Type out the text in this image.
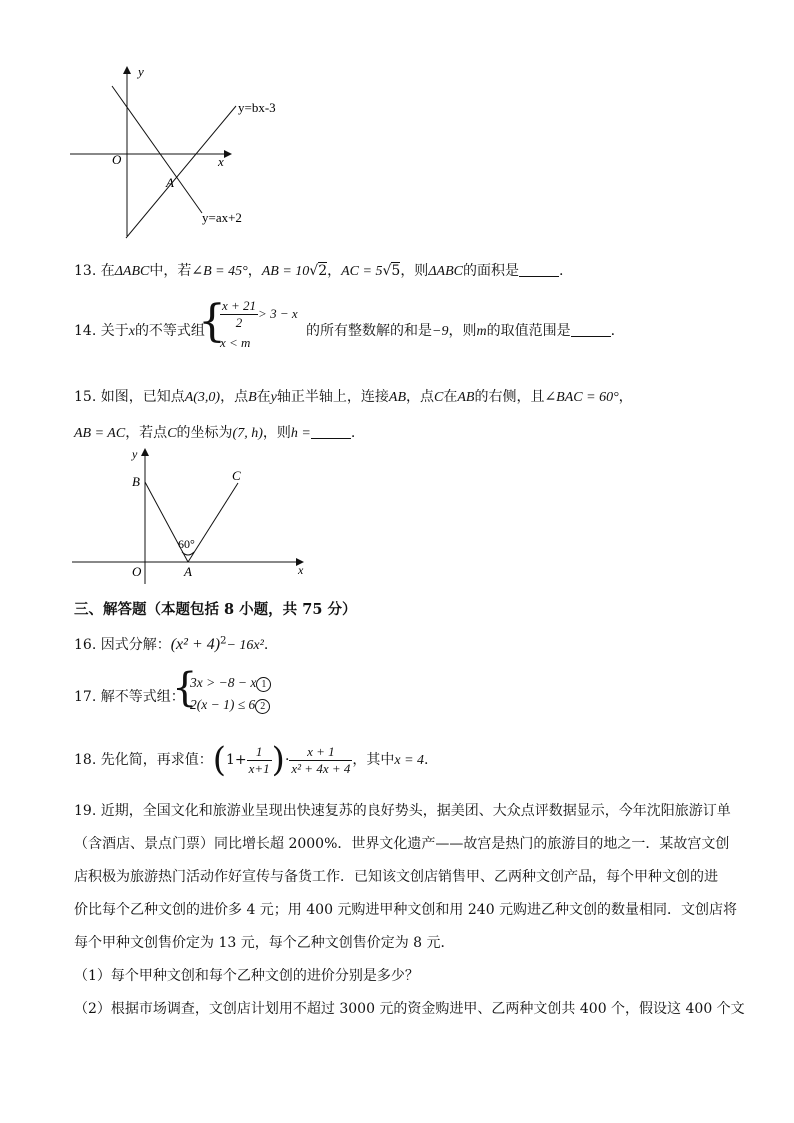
y
x
O
A
y=bx-3
y=ax+2
13. 在ΔABC中，若∠B = 45°，AB = 10√2，AC = 5√5，则ΔABC的面积是	.
14. 关于x的不等式组
{
$\frac{x + 21}{2} > 3 - x$
x < m
的所有整数解的和是−9，则m的取值范围是	.
15. 如图，已知点A(3,0)，点B在y轴正半轴上，连接AB，点C在AB的右侧，且∠BAC = 60°，
AB = AC，若点C的坐标为(7, h)，则h =	.
y
x
O	A
B	C
60°
三、解答题（本题包括 8 小题，共 75 分）
16. 因式分解：$(x^2 + 4)^2- 16x^2$.
17. 解不等式组：
{
3x > −8 − x 1
2(x − 1) ≤ 6 2
18. 先化简，再求值：($1+ \frac{1}{x+1}$ )· $\frac{x + 1}{\text{x² + 4x + 4}}$ ，其中x = 4.
19. 近期，全国文化和旅游业呈现出快速复苏的良好势头，据美团、大众点评数据显示，今年沈阳旅游订单
（含酒店、景点门票）同比增长超 2000%．世界文化遗产——故宫是热门的旅游目的地之一．某故宫文创
店积极为旅游热门活动作好宣传与备货工作．已知该文创店销售甲、乙两种文创产品，每个甲种文创的进
价比每个乙种文创的进价多 4 元；用 400 元购进甲种文创和用 240 元购进乙种文创的数量相同．文创店将
每个甲种文创售价定为 13 元，每个乙种文创售价定为 8 元．
（1）每个甲种文创和每个乙种文创的进价分别是多少？
（2）根据市场调查，文创店计划用不超过 3000 元的资金购进甲、乙两种文创共 400 个，假设这 400 个文
